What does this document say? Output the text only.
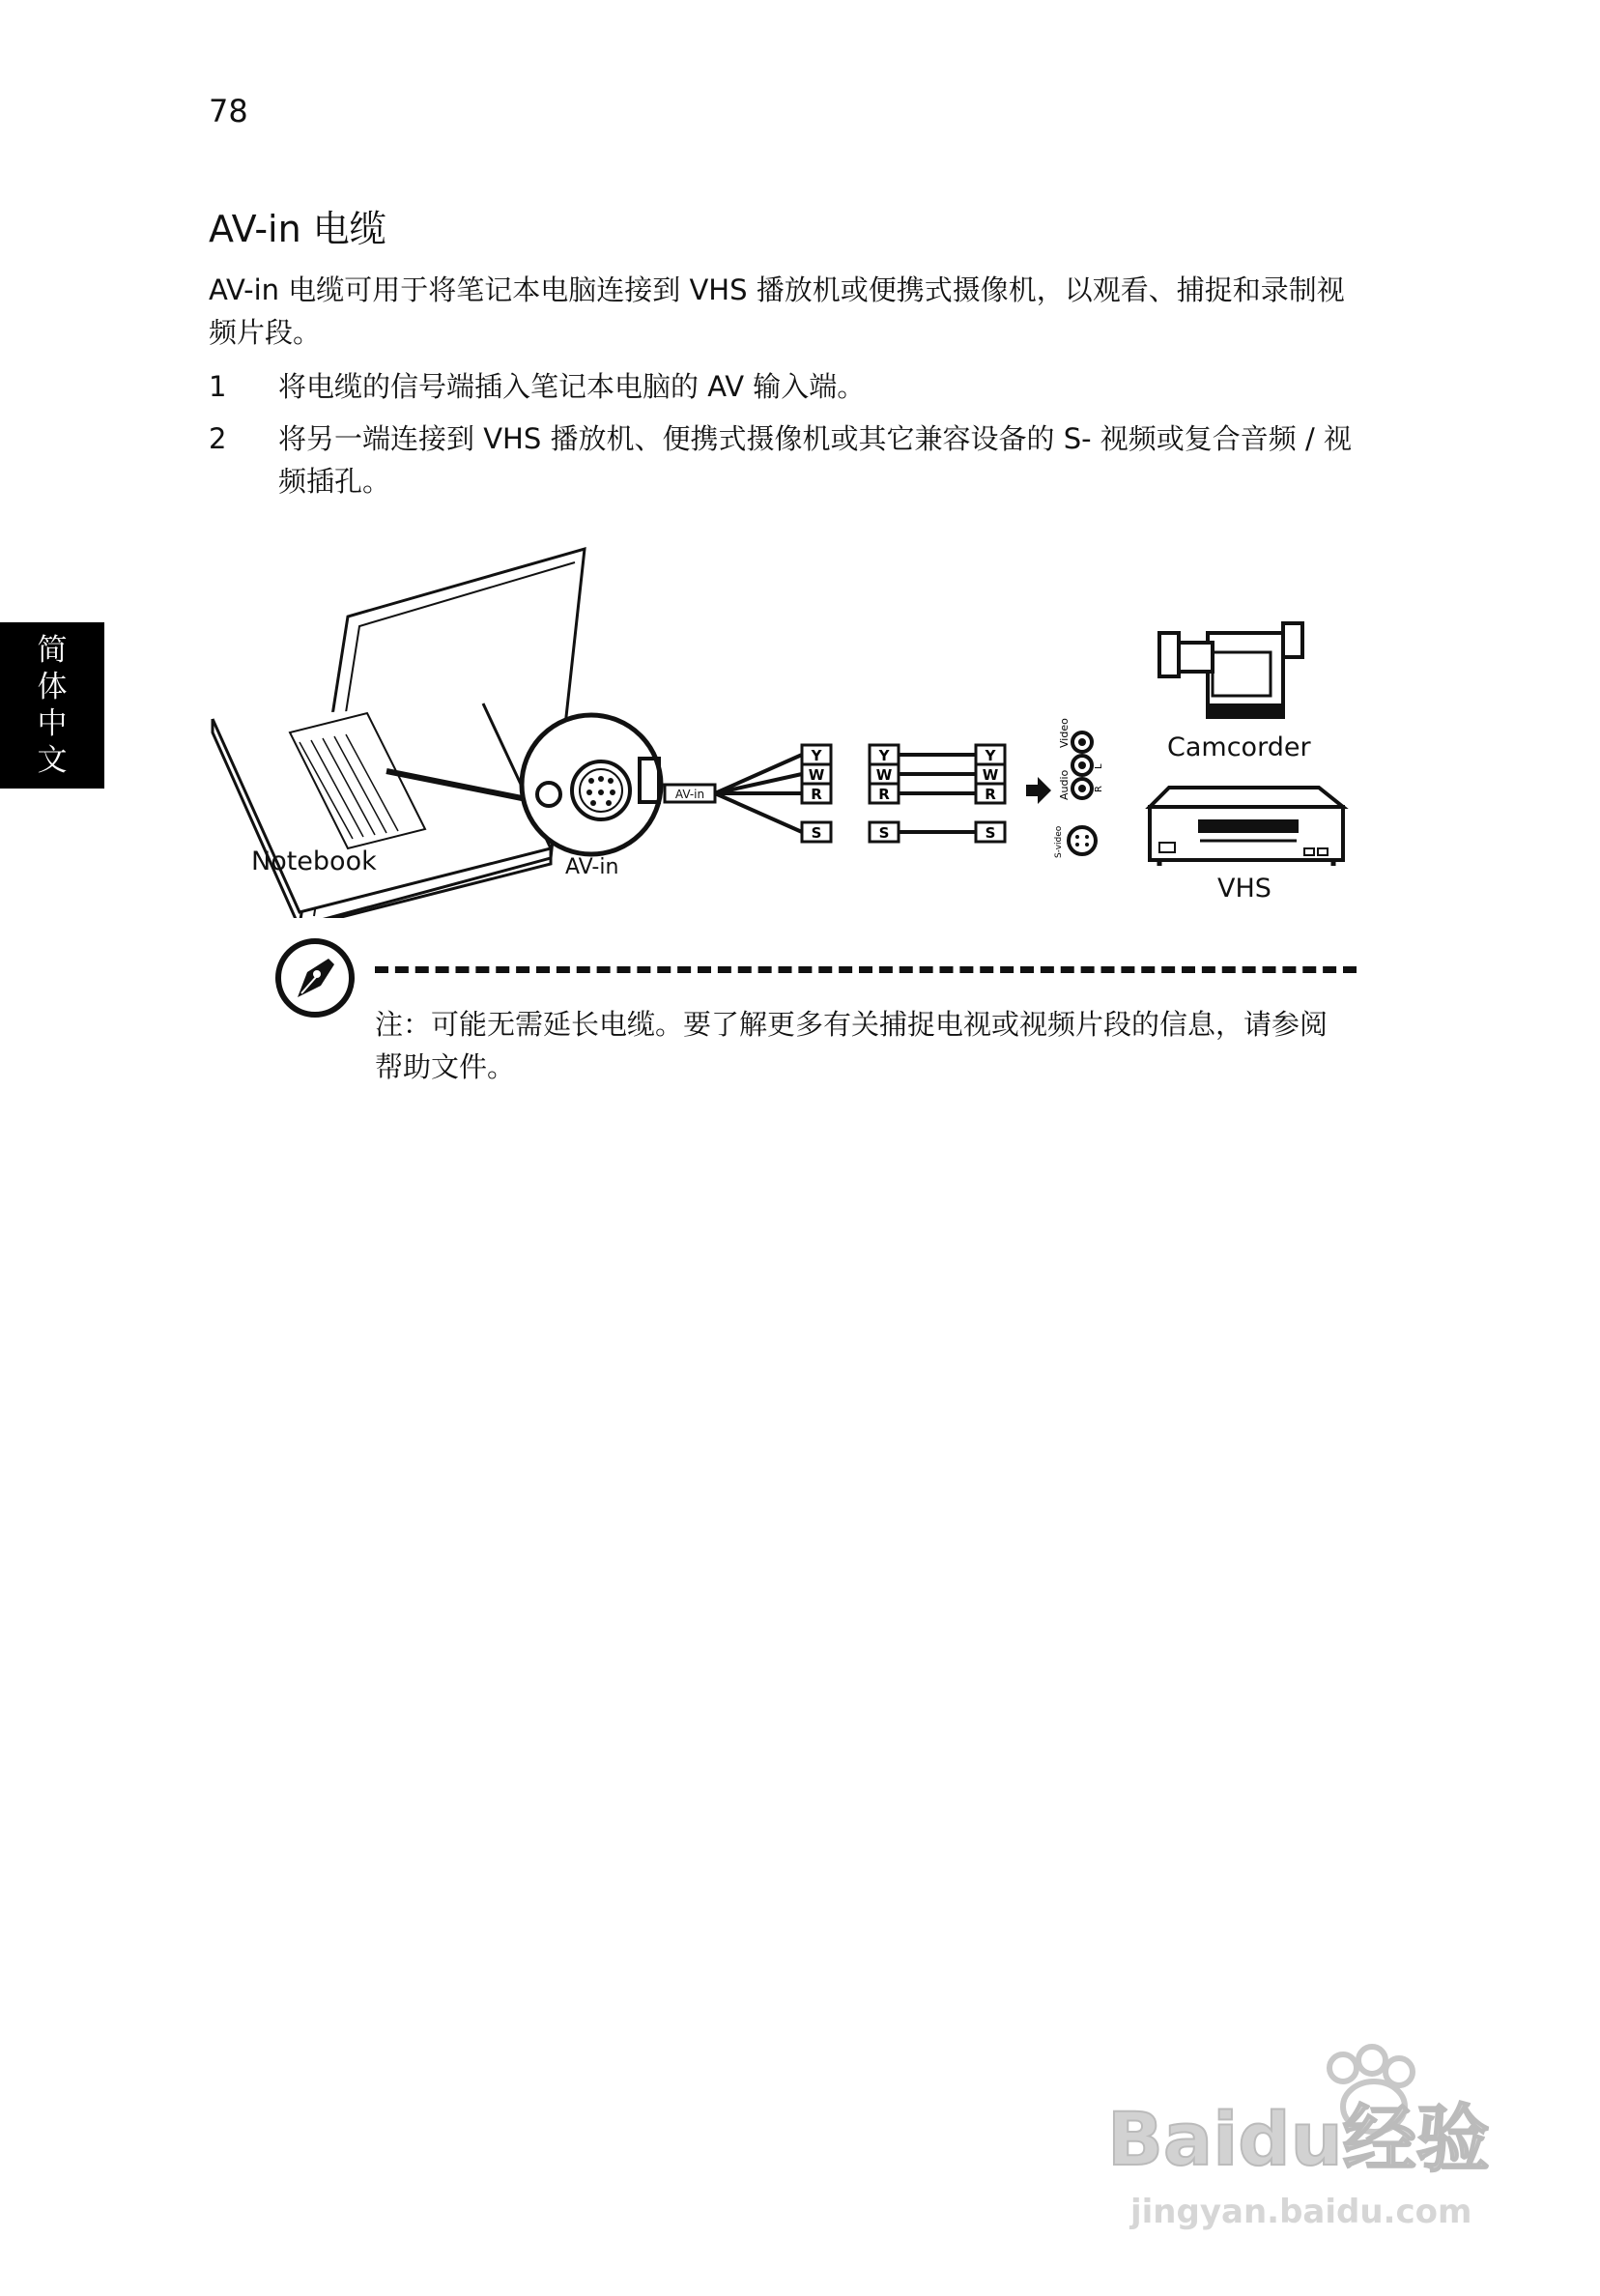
78
简
体
中
文
AV-in 电缆

AV-in 电缆可用于将笔记本电脑连接到 VHS 播放机或便携式摄像机，以观看、捕捉和录制视频片段。

1 将电缆的信号端插入笔记本电脑的 AV 输入端。
2 将另一端连接到 VHS 播放机、便携式摄像机或其它兼容设备的 S- 视频或复合音频 / 视频插孔。
AV-in
Y
W
R
S
Y
W
R
S
Y
W
R
S
Video
Audio
L
R
S-video
Notebook	AV-in
Camcorder
VHS
注：可能无需延长电缆。要了解更多有关捕捉电视或视频片段的信息，请参阅帮助文件。
Baidu经验
jingyan.baidu.com
